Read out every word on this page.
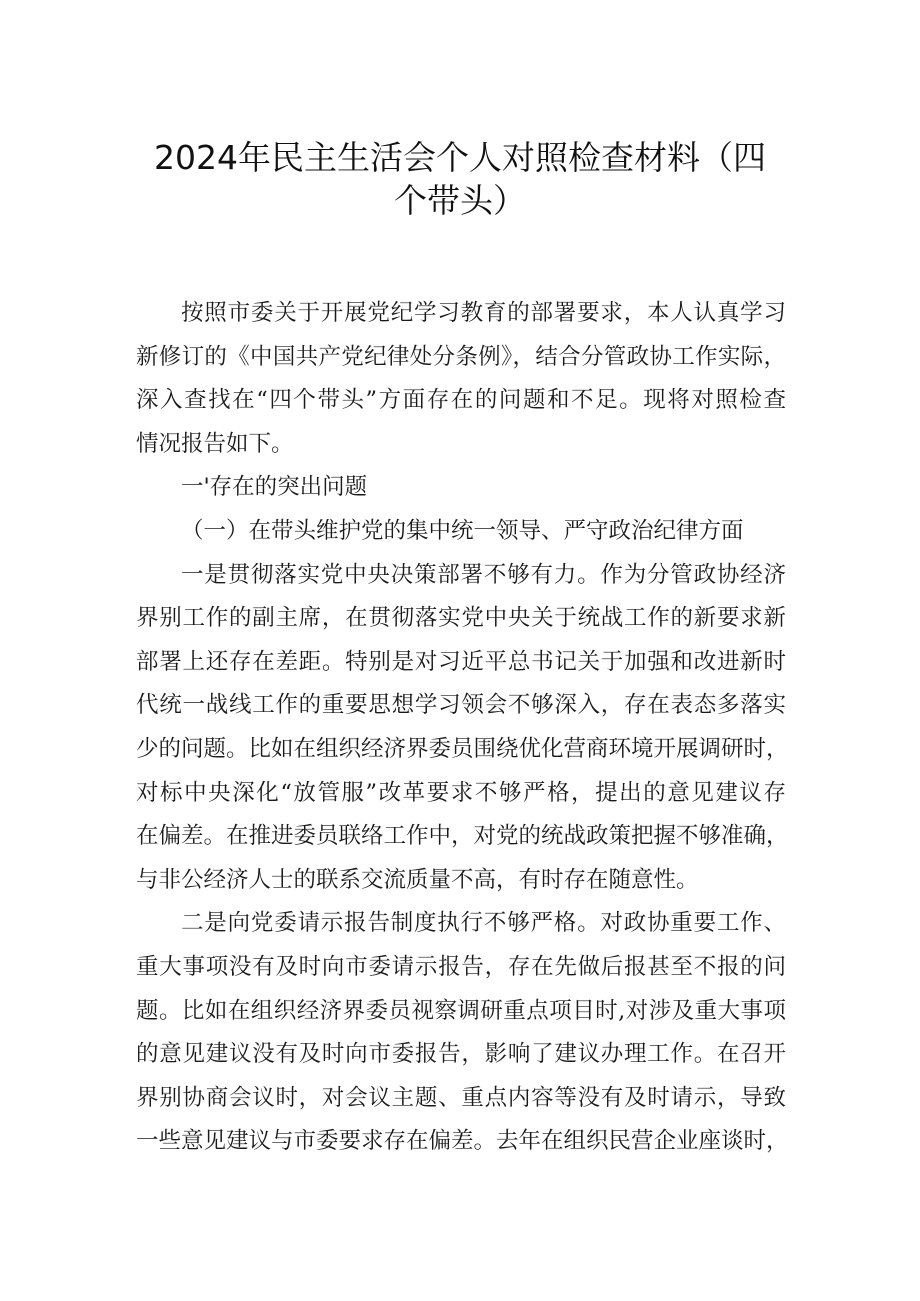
2024年民主生活会个人对照检查材料（四
个带头）
按照市委关于开展党纪学习教育的部署要求，本人认真学习
新修订的《中国共产党纪律处分条例》，结合分管政协工作实际，
深入查找在“四个带头”方面存在的问题和不足。现将对照检查
情况报告如下。
一'存在的突出问题
（一）在带头维护党的集中统一领导、严守政治纪律方面
一是贯彻落实党中央决策部署不够有力。作为分管政协经济
界别工作的副主席，在贯彻落实党中央关于统战工作的新要求新
部署上还存在差距。特别是对习近平总书记关于加强和改进新时
代统一战线工作的重要思想学习领会不够深入，存在表态多落实
少的问题。比如在组织经济界委员围绕优化营商环境开展调研时，
对标中央深化“放管服”改革要求不够严格，提出的意见建议存
在偏差。在推进委员联络工作中，对党的统战政策把握不够准确，
与非公经济人士的联系交流质量不高，有时存在随意性。
二是向党委请示报告制度执行不够严格。对政协重要工作、
重大事项没有及时向市委请示报告，存在先做后报甚至不报的问
题。比如在组织经济界委员视察调研重点项目时,对涉及重大事项
的意见建议没有及时向市委报告，影响了建议办理工作。在召开
界别协商会议时，对会议主题、重点内容等没有及时请示，导致
一些意见建议与市委要求存在偏差。去年在组织民营企业座谈时，
